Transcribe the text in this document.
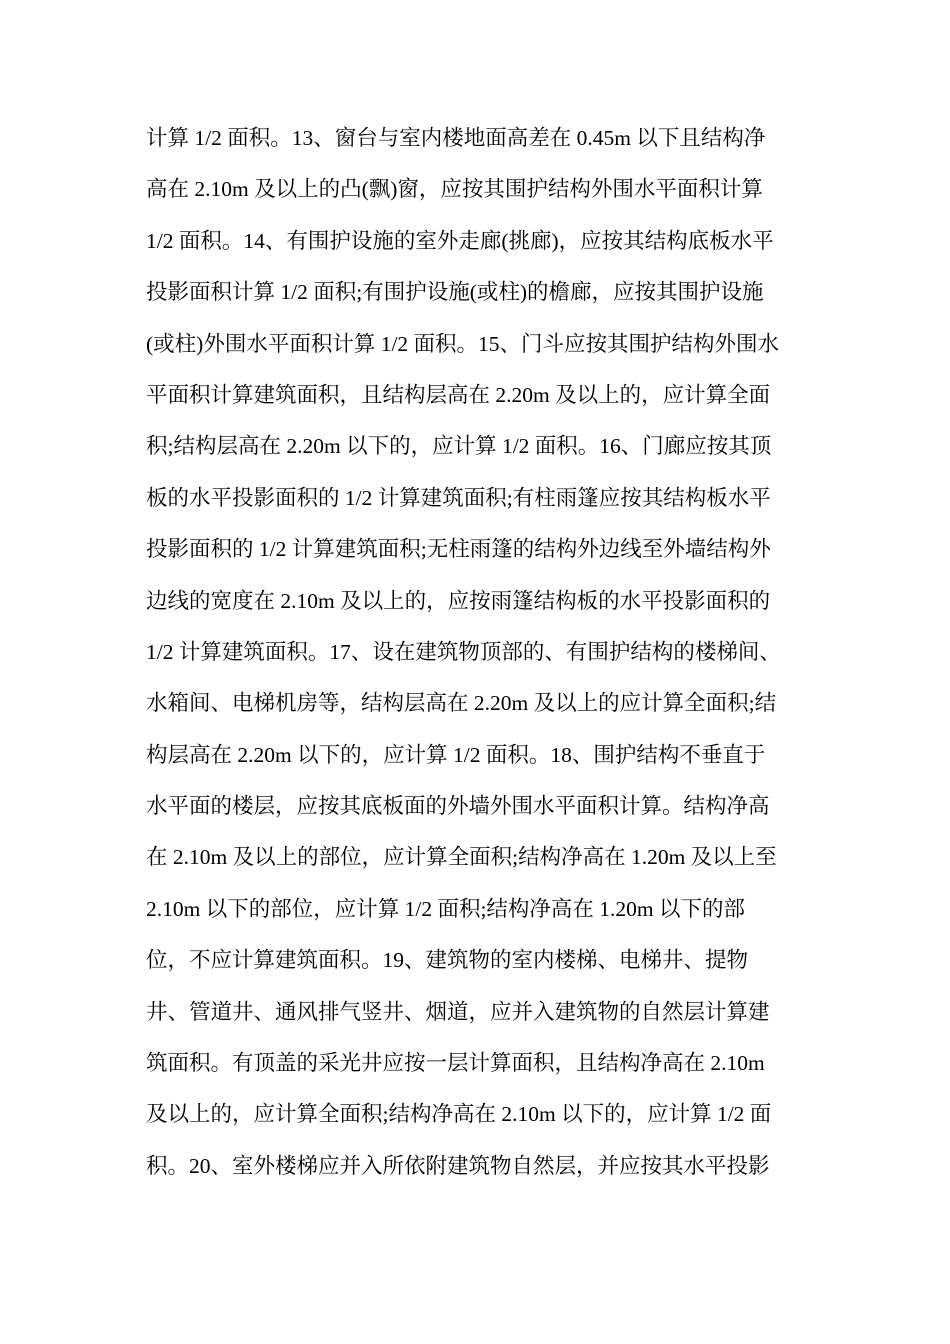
计算 1/2 面积。13、窗台与室内楼地面高差在 0.45m 以下且结构净
高在 2.10m 及以上的凸(飘)窗，应按其围护结构外围水平面积计算
1/2 面积。14、有围护设施的室外走廊(挑廊)，应按其结构底板水平
投影面积计算 1/2 面积;有围护设施(或柱)的檐廊，应按其围护设施
(或柱)外围水平面积计算 1/2 面积。15、门斗应按其围护结构外围水
平面积计算建筑面积，且结构层高在 2.20m 及以上的，应计算全面
积;结构层高在 2.20m 以下的，应计算 1/2 面积。16、门廊应按其顶
板的水平投影面积的 1/2 计算建筑面积;有柱雨篷应按其结构板水平
投影面积的 1/2 计算建筑面积;无柱雨篷的结构外边线至外墙结构外
边线的宽度在 2.10m 及以上的，应按雨篷结构板的水平投影面积的
1/2 计算建筑面积。17、设在建筑物顶部的、有围护结构的楼梯间、
水箱间、电梯机房等，结构层高在 2.20m 及以上的应计算全面积;结
构层高在 2.20m 以下的，应计算 1/2 面积。18、围护结构不垂直于
水平面的楼层，应按其底板面的外墙外围水平面积计算。结构净高
在 2.10m 及以上的部位，应计算全面积;结构净高在 1.20m 及以上至
2.10m 以下的部位，应计算 1/2 面积;结构净高在 1.20m 以下的部
位，不应计算建筑面积。19、建筑物的室内楼梯、电梯井、提物
井、管道井、通风排气竖井、烟道，应并入建筑物的自然层计算建
筑面积。有顶盖的采光井应按一层计算面积，且结构净高在 2.10m
及以上的，应计算全面积;结构净高在 2.10m 以下的，应计算 1/2 面
积。20、室外楼梯应并入所依附建筑物自然层，并应按其水平投影
